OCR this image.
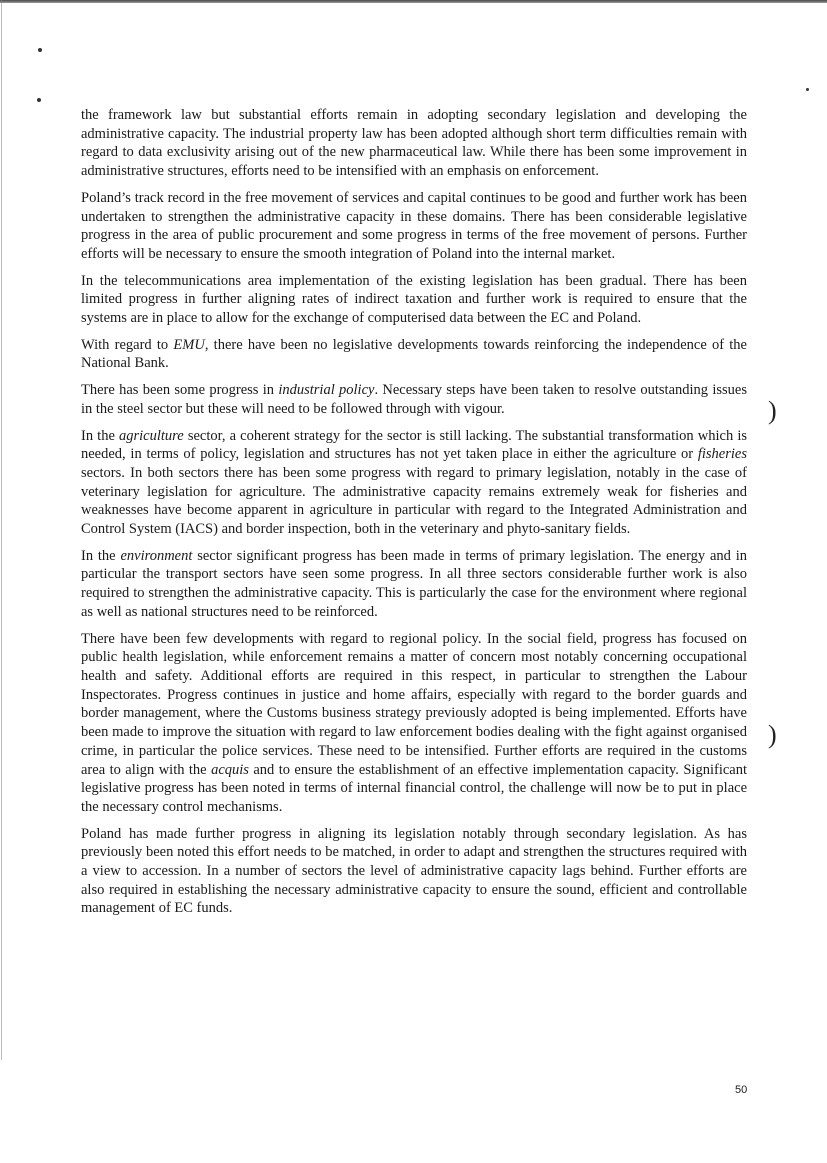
the framework law but substantial efforts remain in adopting secondary legislation and developing the administrative capacity. The industrial property law has been adopted although short term difficulties remain with regard to data exclusivity arising out of the new pharmaceutical law. While there has been some improvement in administrative structures, efforts need to be intensified with an emphasis on enforcement.

Poland’s track record in the free movement of services and capital continues to be good and further work has been undertaken to strengthen the administrative capacity in these domains. There has been considerable legislative progress in the area of public procurement and some progress in terms of the free movement of persons. Further efforts will be necessary to ensure the smooth integration of Poland into the internal market.

In the telecommunications area implementation of the existing legislation has been gradual. There has been limited progress in further aligning rates of indirect taxation and further work is required to ensure that the systems are in place to allow for the exchange of computerised data between the EC and Poland.

With regard to EMU, there have been no legislative developments towards reinforcing the independence of the National Bank.

There has been some progress in industrial policy. Necessary steps have been taken to resolve outstanding issues in the steel sector but these will need to be followed through with vigour.

In the agriculture sector, a coherent strategy for the sector is still lacking. The substantial transformation which is needed, in terms of policy, legislation and structures has not yet taken place in either the agriculture or fisheries sectors. In both sectors there has been some progress with regard to primary legislation, notably in the case of veterinary legislation for agriculture. The administrative capacity remains extremely weak for fisheries and weaknesses have become apparent in agriculture in particular with regard to the Integrated Administration and Control System (IACS) and border inspection, both in the veterinary and phyto-sanitary fields.

In the environment sector significant progress has been made in terms of primary legislation. The energy and in particular the transport sectors have seen some progress. In all three sectors considerable further work is also required to strengthen the administrative capacity. This is particularly the case for the environment where regional as well as national structures need to be reinforced.

There have been few developments with regard to regional policy. In the social field, progress has focused on public health legislation, while enforcement remains a matter of concern most notably concerning occupational health and safety. Additional efforts are required in this respect, in particular to strengthen the Labour Inspectorates. Progress continues in justice and home affairs, especially with regard to the border guards and border management, where the Customs business strategy previously adopted is being implemented. Efforts have been made to improve the situation with regard to law enforcement bodies dealing with the fight against organised crime, in particular the police services. These need to be intensified. Further efforts are required in the customs area to align with the acquis and to ensure the establishment of an effective implementation capacity. Significant legislative progress has been noted in terms of internal financial control, the challenge will now be to put in place the necessary control mechanisms.

Poland has made further progress in aligning its legislation notably through secondary legislation. As has previously been noted this effort needs to be matched, in order to adapt and strengthen the structures required with a view to accession. In a number of sectors the level of administrative capacity lags behind. Further efforts are also required in establishing the necessary administrative capacity to ensure the sound, efficient and controllable management of EC funds.

)
)
50
